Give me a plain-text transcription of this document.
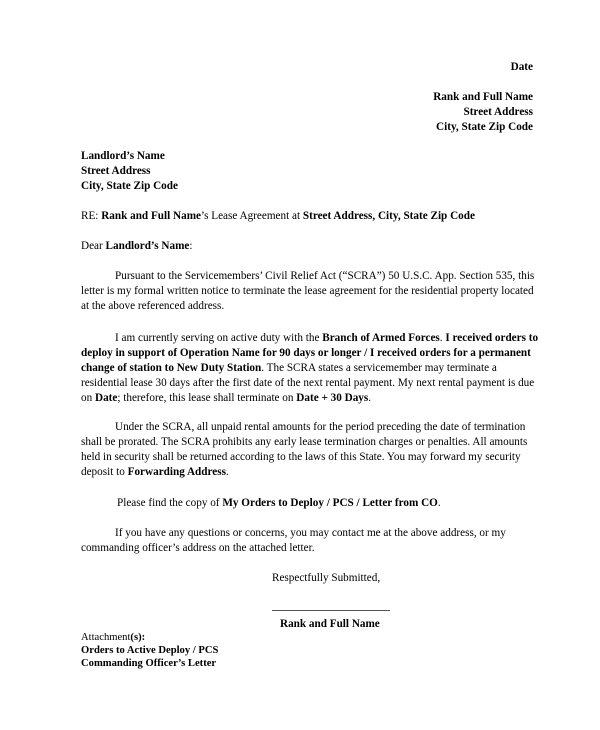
Date
Rank and Full Name
Street Address
City, State Zip Code
Landlord’s Name
Street Address
City, State Zip Code
RE: Rank and Full Name’s Lease Agreement at Street Address, City, State Zip Code
Dear Landlord’s Name:

Pursuant to the Servicemembers’ Civil Relief Act (“SCRA”) 50 U.S.C. App. Section 535, this letter is my formal written notice to terminate the lease agreement for the residential property located at the above referenced address.

I am currently serving on active duty with the Branch of Armed Forces. I received orders to deploy in support of Operation Name for 90 days or longer / I received orders for a permanent change of station to New Duty Station. The SCRA states a servicemember may terminate a residential lease 30 days after the first date of the next rental payment. My next rental payment is due on Date; therefore, this lease shall terminate on Date + 30 Days.

Under the SCRA, all unpaid rental amounts for the period preceding the date of termination shall be prorated. The SCRA prohibits any early lease termination charges or penalties. All amounts held in security shall be returned according to the laws of this State. You may forward my security deposit to Forwarding Address.

Please find the copy of My Orders to Deploy / PCS / Letter from CO.

If you have any questions or concerns, you may contact me at the above address, or my commanding officer’s address on the attached letter.

Respectfully Submitted,
Rank and Full Name
Attachment(s):
Orders to Active Deploy / PCS
Commanding Officer’s Letter
